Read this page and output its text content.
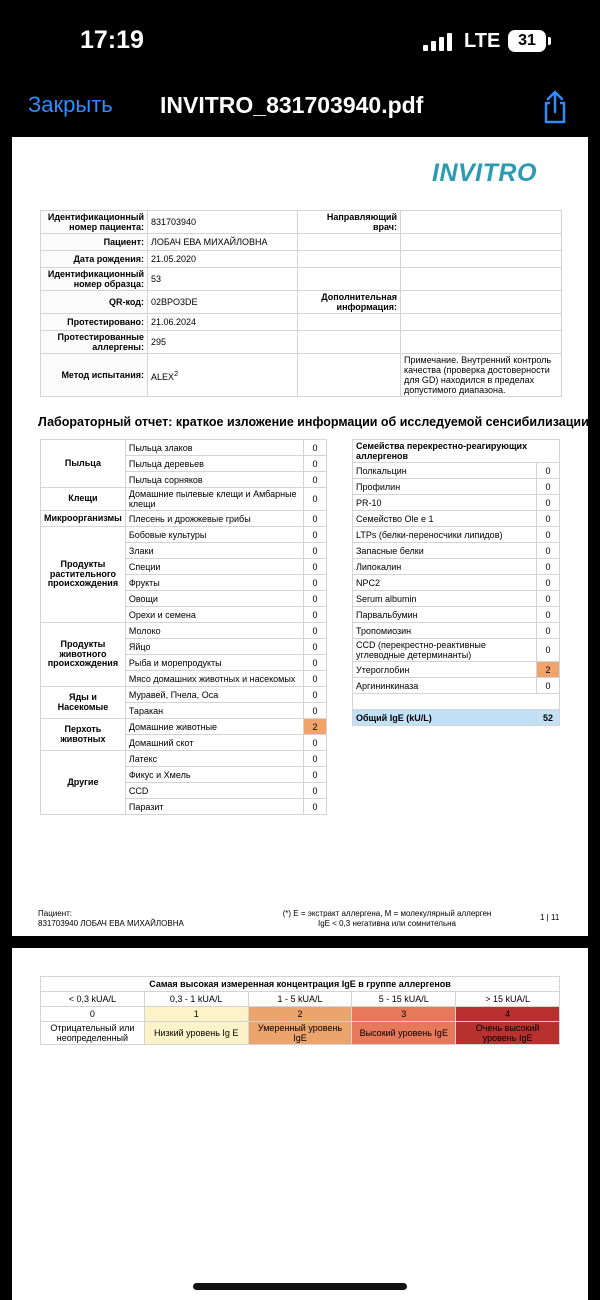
17:19	LTE	31
Закрыть INVITRO_831703940.pdf
INVITRO
Идентификационный номер пациента:	831703940	Направляющий врач:	
Пациент:	ЛОБАЧ ЕВА МИХАЙЛОВНА		
Дата рождения:	21.05.2020		
Идентификационный номер образца:	53		
QR-код:	02BPO3DE	Дополнительная информация:	
Протестировано:	21.06.2024		
Протестированные аллергены:	295		
Метод испытания:	ALEX$^2$		Примечание. Внутренний контроль качества (проверка достоверности для GD) находился в пределах допустимого диапазона.
Лабораторный отчет: краткое изложение информации об исследуемой сенсибилизации
Пыльца	Пыльца злаков	0
	Пыльца деревьев	0
	Пыльца сорняков	0
Клещи	Домашние пылевые клещи и Амбарные клещи	0
Микроорганизмы	Плесень и дрожжевые грибы	0
Продукты растительного происхождения	Бобовые культуры	0
	Злаки	0
	Специи	0
	Фрукты	0
	Овощи	0
	Орехи и семена	0
Продукты животного происхождения	Молоко	0
	Яйцо	0
	Рыба и морепродукты	0
	Мясо домашних животных и насекомых	0
Яды и Насекомые	Муравей, Пчела, Оса	0
	Таракан	0
Перхоть животных	Домашние животные	2
	Домашний скот	0
Другие	Латекс	0
	Фикус и Хмель	0
	CCD	0
	Паразит	0
Семейства перекрестно-реагирующих аллергенов	
Полкальцин	0
Профилин	0
PR-10	0
Семейство Ole e 1	0
LTPs (белки-переносчики липидов)	0
Запасные белки	0
Липокалин	0
NPC2	0
Serum albumin	0
Парвальбумин	0
Тропомиозин	0
CCD (перекрестно-реактивные углеводные детерминанты)	0
Утероглобин	2
Аргининкиназа	0

Общий IgE (kU/L)	52
Пациент:
831703940 ЛОБАЧ ЕВА МИХАЙЛОВНА
(*) E = экстракт аллергена, M = молекулярный аллерген
IgE < 0,3 негативна или сомнительна
1 | 11
Самая высокая измеренная концентрация IgE в группе аллергенов				
< 0,3 kUA/L	0,3 - 1 kUA/L	1 - 5 kUA/L	5 - 15 kUA/L	> 15 kUA/L
0	1	2	3	4
Отрицательный или неопределенный	Низкий уровень Ig E	Умеренный уровень IgE	Высокий уровень IgE	Очень высокий уровень IgE
